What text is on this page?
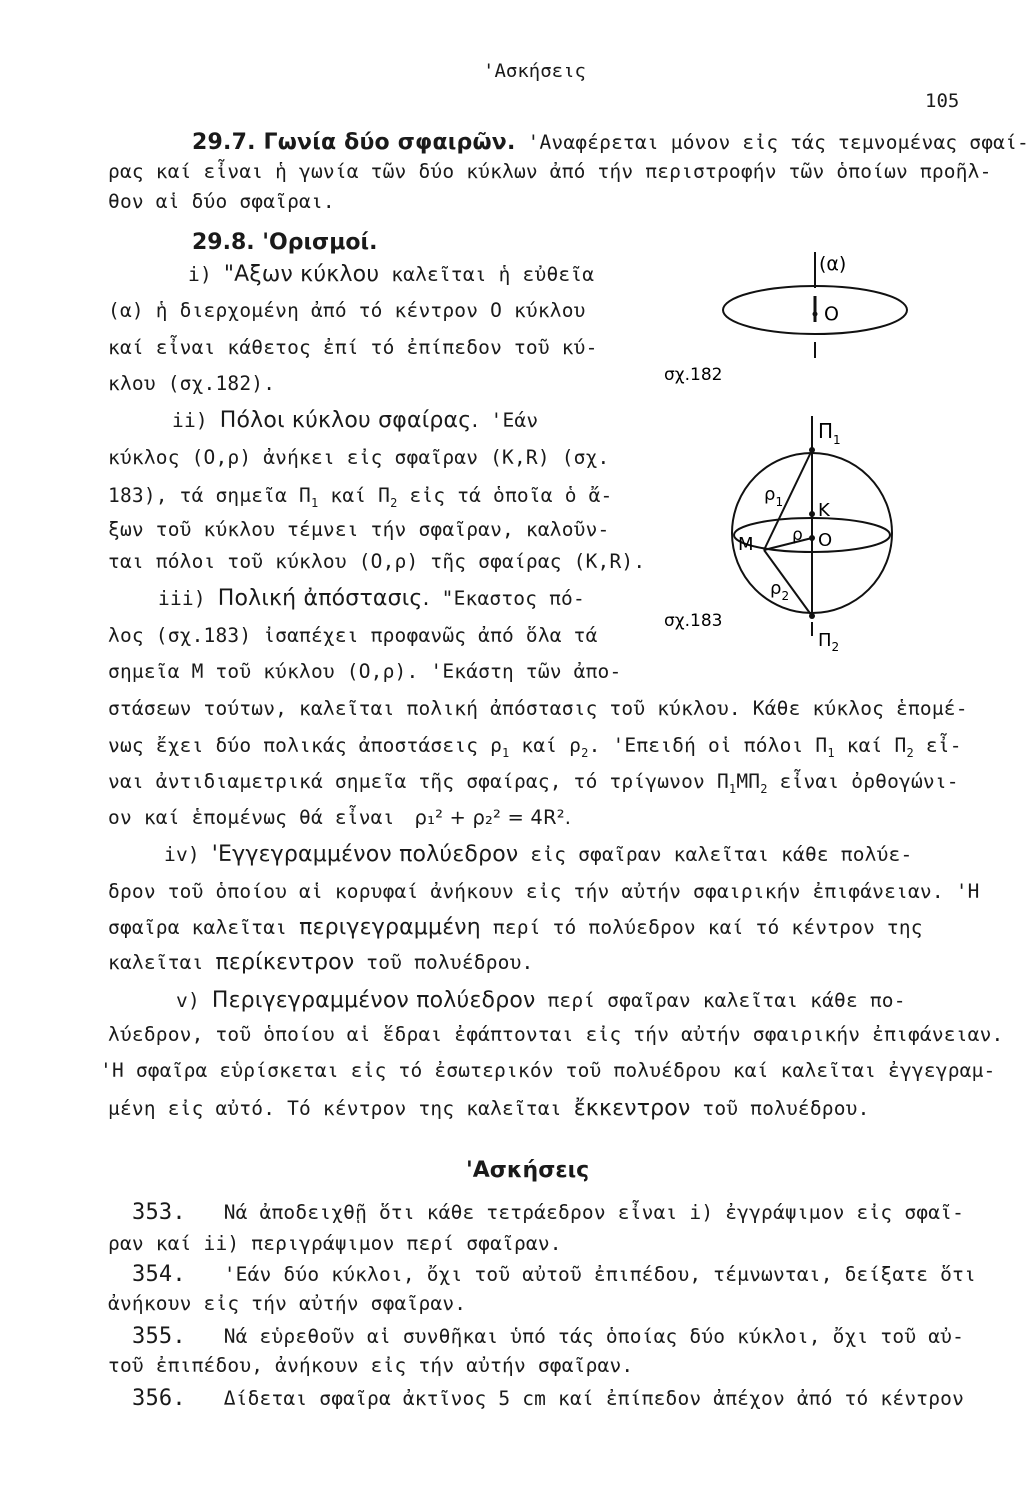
'Ασκήσεις
105
29.7. Γωνία δύο σφαιρῶν. 'Αναφέρεται μόνον εἰς τάς τεμνομένας σφαί-
ρας καί εἶναι ἡ γωνία τῶν δύο κύκλων ἀπό τήν περιστροφήν τῶν ὁποίων προῆλ-
θον αἱ δύο σφαῖραι.
29.8. 'Ορισμοί.
i) "Αξων κύκλου καλεῖται ἡ εὐθεῖα
(α) ἡ διερχομένη ἀπό τό κέντρον Ο κύκλου
καί εἶναι κάθετος ἐπί τό ἐπίπεδον τοῦ κύ-
κλου (σχ.182).
ii) Πόλοι κύκλου σφαίρας. 'Εάν
κύκλος (Ο,ρ) ἀνήκει εἰς σφαῖραν (Κ,R) (σχ.
183), τά σημεῖα $\Pi_1$ καί $\Pi_2$ εἰς τά ὁποῖα ὁ ἄ-
ξων τοῦ κύκλου τέμνει τήν σφαῖραν, καλοῦν-
ται πόλοι τοῦ κύκλου (Ο,ρ) τῆς σφαίρας (Κ,R).
iii) Πολική ἀπόστασις. "Εκαστος πό-
λος (σχ.183) ἰσαπέχει προφανῶς ἀπό ὅλα τά
σημεῖα Μ τοῦ κύκλου (Ο,ρ). 'Εκάστη τῶν ἀπο-
στάσεων τούτων, καλεῖται πολική ἀπόστασις τοῦ κύκλου. Κάθε κύκλος ἑπομέ-
νως ἔχει δύο πολικάς ἀποστάσεις $\rho_1$ καί $\rho_2$. 'Επειδή οἱ πόλοι $\Pi_1$ καί $\Pi_2$ εἶ-
ναι ἀντιδιαμετρικά σημεῖα τῆς σφαίρας, τό τρίγωνον $\Pi_1M\Pi_2$ εἶναι ὀρθογώνι-
ον καί ἑπομένως θά εἶναι ρ₁² + ρ₂² = 4R².
iv) 'Εγγεγραμμένον πολύεδρον εἰς σφαῖραν καλεῖται κάθε πολύε-
δρον τοῦ ὁποίου αἱ κορυφαί ἀνήκουν εἰς τήν αὐτήν σφαιρικήν ἐπιφάνειαν. 'Η
σφαῖρα καλεῖται περιγεγραμμένη περί τό πολύεδρον καί τό κέντρον της
καλεῖται περίκεντρον τοῦ πολυέδρου.
v) Περιγεγραμμένον πολύεδρον περί σφαῖραν καλεῖται κάθε πο-
λύεδρον, τοῦ ὁποίου αἱ ἕδραι ἐφάπτονται εἰς τήν αὐτήν σφαιρικήν ἐπιφάνειαν.
'Η σφαῖρα εὑρίσκεται εἰς τό ἐσωτερικόν τοῦ πολυέδρου καί καλεῖται ἐγγεγραμ-
μένη εἰς αὐτό. Τό κέντρον της καλεῖται ἔκκεντρον τοῦ πολυέδρου.
'Ασκήσεις
353. Νά ἀποδειχθῇ ὅτι κάθε τετράεδρον εἶναι i) ἐγγράψιμον εἰς σφαῖ-
ραν καί ii) περιγράψιμον περί σφαῖραν.
354. 'Εάν δύο κύκλοι, ὄχι τοῦ αὐτοῦ ἐπιπέδου, τέμνωνται, δείξατε ὅτι
ἀνήκουν εἰς τήν αὐτήν σφαῖραν.
355. Νά εὑρεθοῦν αἱ συνθῆκαι ὑπό τάς ὁποίας δύο κύκλοι, ὄχι τοῦ αὐ-
τοῦ ἐπιπέδου, ἀνήκουν εἰς τήν αὐτήν σφαῖραν.
356. Δίδεται σφαῖρα ἀκτῖνος 5 cm καί ἐπίπεδον ἀπέχον ἀπό τό κέντρον
(α)
Ο
σχ.182
$\Pi_1$
$\rho_1$ Κ
ρ Ο
Μ
$\rho_2$
$\Pi_2$
σχ.183
